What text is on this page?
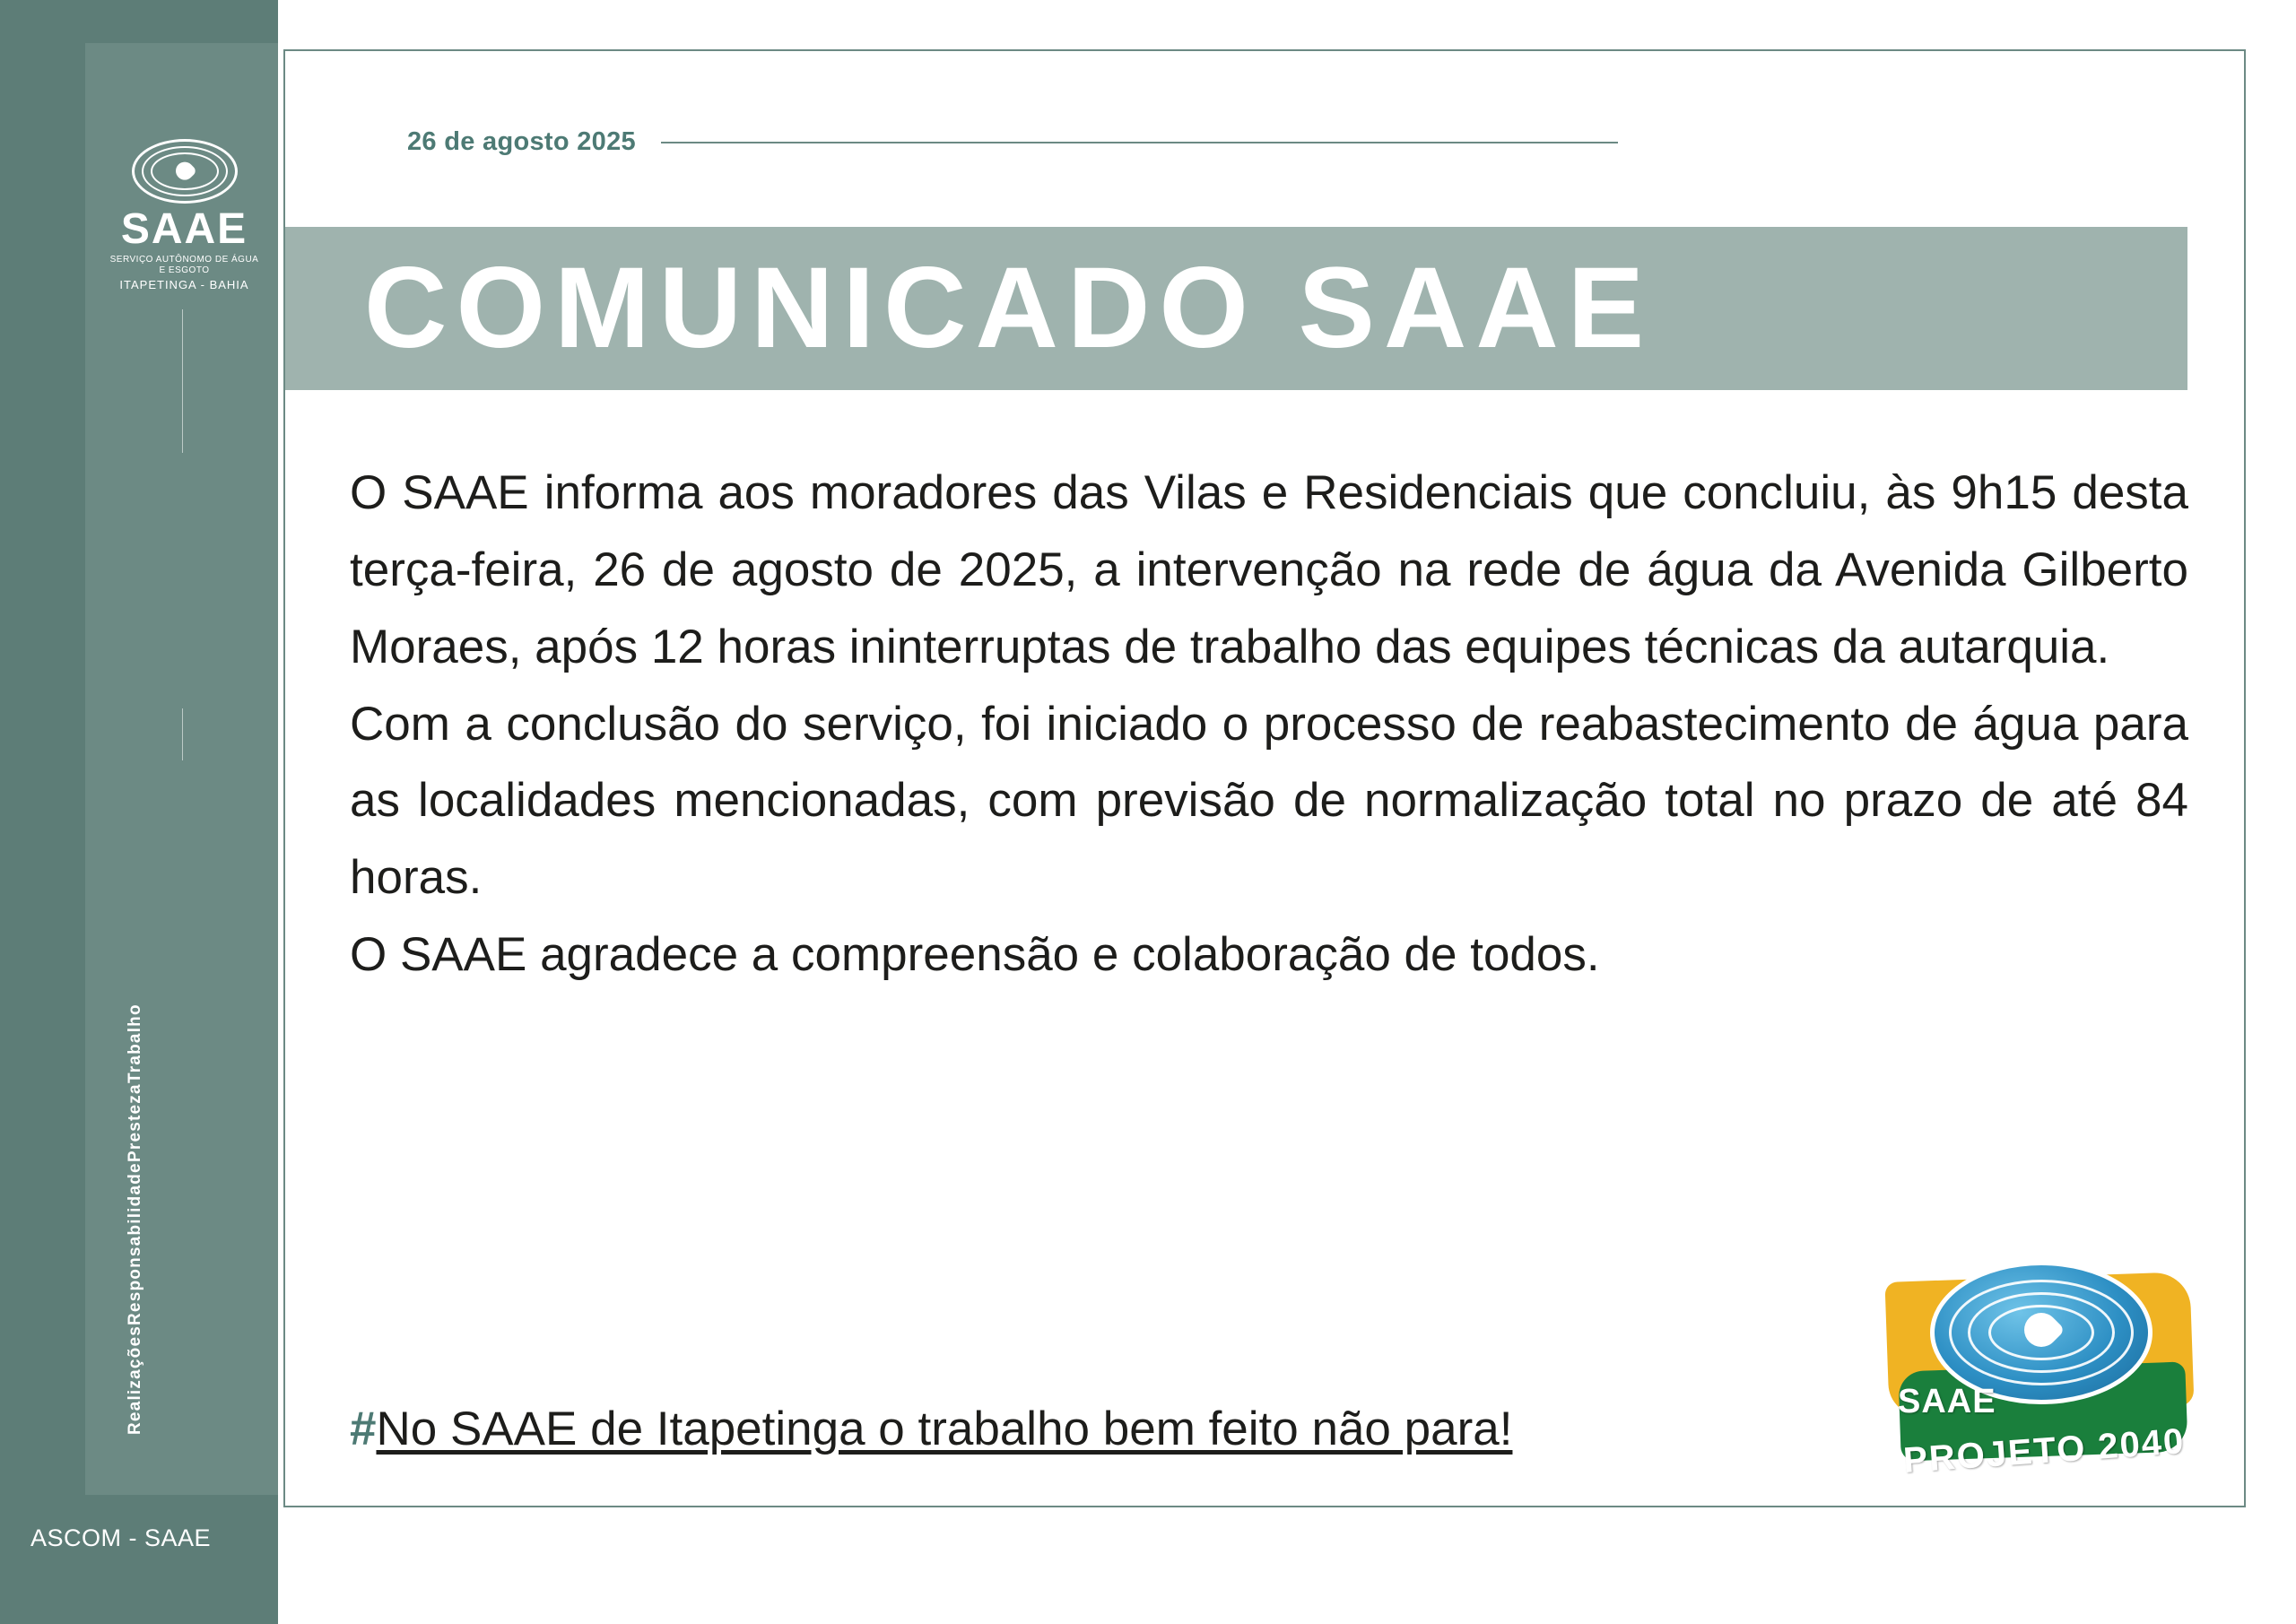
SAAE
SERVIÇO AUTÔNOMO DE ÁGUA E ESGOTO
ITAPETINGA - BAHIA
Realizações
Responsabilidade
Presteza
Trabalho
ASCOM - SAAE
26 de agosto 2025
COMUNICADO SAAE

O SAAE informa aos moradores das Vilas e Residenciais que concluiu, às 9h15 desta terça-feira, 26 de agosto de 2025, a intervenção na rede de água da Avenida Gilberto Moraes, após 12 horas ininterruptas de trabalho das equipes técnicas da autarquia.

Com a conclusão do serviço, foi iniciado o processo de reabastecimento de água para as localidades mencionadas, com previsão de normalização total no prazo de até 84 horas.

O SAAE agradece a compreensão e colaboração de todos.

#No SAAE de Itapetinga o trabalho bem feito não para!
SAAE
PROJETO 2040
